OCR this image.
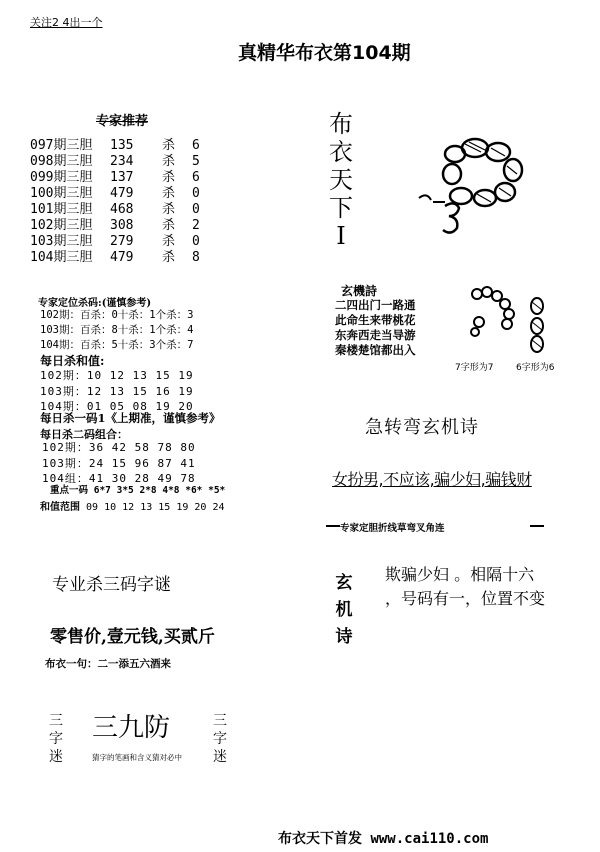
关注2 4出一个
真精华布衣第104期
专家推荐
097期三胆 135 杀 6
098期三胆 234 杀 5
099期三胆 137 杀 6
100期三胆 479 杀 0
101期三胆 468 杀 0
102期三胆 308 杀 2
103期三胆 279 杀 0
104期三胆 479 杀 8
专家定位杀码:(谨慎参考)
102期：百杀：0十杀：1个杀：3
103期：百杀：8十杀：1个杀：4
104期：百杀：5十杀：3个杀：7
每日杀和值:
102期：10 12 13 15 19
103期：12 13 15 16 19
104期：01 05 08 19 20
每日杀一码1《上期准，谨慎参考》
每日杀二码组合：
102期：36 42 58 78 80
103期：24 15 96 87 41
104组：41 30 28 49 78
重点一码 6*7 3*5 2*8 4*8 *6* *5*
和值范围 09 10 12 13 15 19 20 24
专业杀三码字谜
零售价,壹元钱,买贰斤
布衣一句：二一添五六酒来
三字迷
三字迷
三九防
猜字的笔画和含义猜对必中
布衣天下I
玄機詩
二四出门一路通
此命生来带桃花
东奔西走当导游
秦楼楚馆都出入
7字形为7	6字形为6
急转弯玄机诗
女扮男,不应该,骗少妇,骗钱财
专家定胆折线草弯叉角连
玄机诗
欺骗少妇 。相隔十六
，号码有一，位置不变
布衣天下首发 www.cai110.com
